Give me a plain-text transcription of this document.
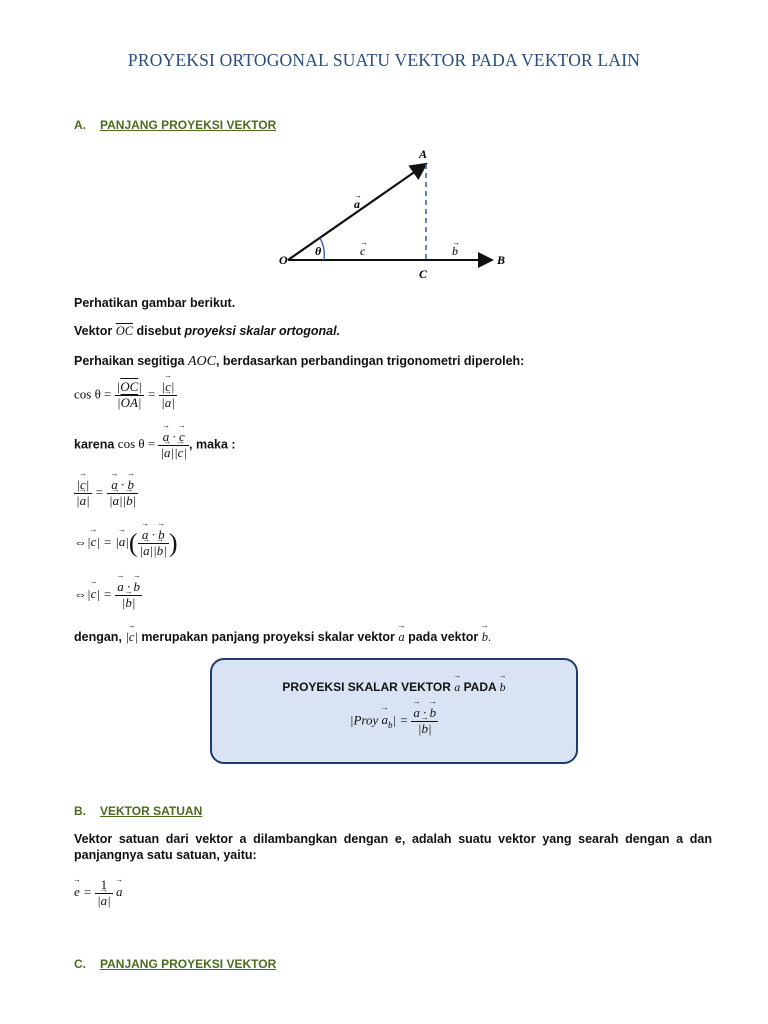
PROYEKSI ORTOGONAL SUATU VEKTOR PADA VEKTOR LAIN
A. PANJANG PROYEKSI VEKTOR
A
O
C
B
a
→
c
→
b
→
θ
Perhatikan gambar berikut.
Vektor $\overline{OC}$ disebut proyeksi skalar ortogonal.
Perhaikan segitiga AOC, berdasarkan perbandingan trigonometri diperoleh:
$\cos \theta = \frac{|\overline{OC}|}{|\overline{OA}|} = \frac{|\to c|}{|\to a|}$
karena cos θ = → $\frac{a \cdot \to c}{|\to a||\to c|}$ , maka :
$\frac{|\to c|}{|\to a|}$ = → $\frac{a \cdot \to b}{|\to a||\to b|}$
⇔|→ c| = |→ $a|( \to \frac{a \cdot \to b}{|\to a||\to b|}$ )
⇔|→ c| = → $\frac{a \cdot \to b}{|\to b|}$
dengan, |→ c| merupakan panjang proyeksi skalar vektor → a pada vektor → b.
PROYEKSI SKALAR VEKTOR → a PADA → b
|Proy → $a_b|$ = → $\frac{a \cdot \to b}{|\to b|}$
B. VEKTOR SATUAN
Vektor satuan dari vektor a dilambangkan dengan e, adalah suatu vektor yang searah dengan a dan panjangnya satu satuan, yaitu:
→ $e = \frac{1}{|\to a|} \to a$
C. PANJANG PROYEKSI VEKTOR
